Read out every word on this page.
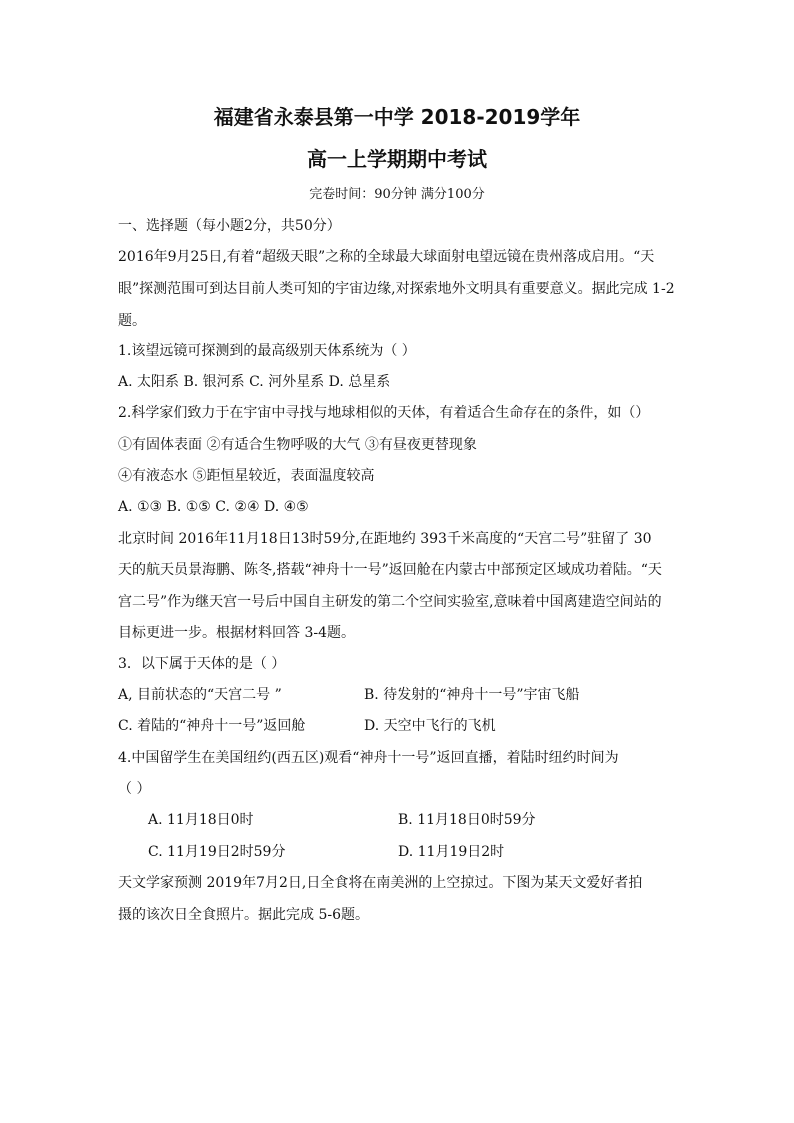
福建省永泰县第一中学 2018-2019学年
高一上学期期中考试
完卷时间：90分钟 满分100分
一、选择题（每小题2分，共50分）
2016年9月25日,有着“超级天眼”之称的全球最大球面射电望远镜在贵州落成启用。“天
眼”探测范围可到达目前人类可知的宇宙边缘,对探索地外文明具有重要意义。据此完成 1-2
题。
1.该望远镜可探测到的最高级别天体系统为（ ）
A. 太阳系 B. 银河系 C. 河外星系 D. 总星系
2.科学家们致力于在宇宙中寻找与地球相似的天体，有着适合生命存在的条件，如（）
①有固体表面 ②有适合生物呼吸的大气 ③有昼夜更替现象
④有液态水 ⑤距恒星较近，表面温度较高
A. ①③ B. ①⑤ C. ②④ D. ④⑤
北京时间 2016年11月18日13时59分,在距地约 393千米高度的“天宫二号”驻留了 30
天的航天员景海鹏、陈冬,搭载“神舟十一号”返回舱在内蒙古中部预定区域成功着陆。“天
宫二号”作为继天宫一号后中国自主研发的第二个空间实验室,意味着中国离建造空间站的
目标更进一步。根据材料回答 3-4题。
3．以下属于天体的是（ ）
A, 目前状态的“天宫二号 ”	B. 待发射的“神舟十一号”宇宙飞船
C. 着陆的“神舟十一号”返回舱	D. 天空中飞行的飞机
4.中国留学生在美国纽约(西五区)观看“神舟十一号”返回直播，着陆时纽约时间为
（ ）
A. 11月18日0时	B. 11月18日0时59分
C. 11月19日2时59分	D. 11月19日2时
天文学家预测 2019年7月2日,日全食将在南美洲的上空掠过。下图为某天文爱好者拍
摄的该次日全食照片。据此完成 5-6题。
